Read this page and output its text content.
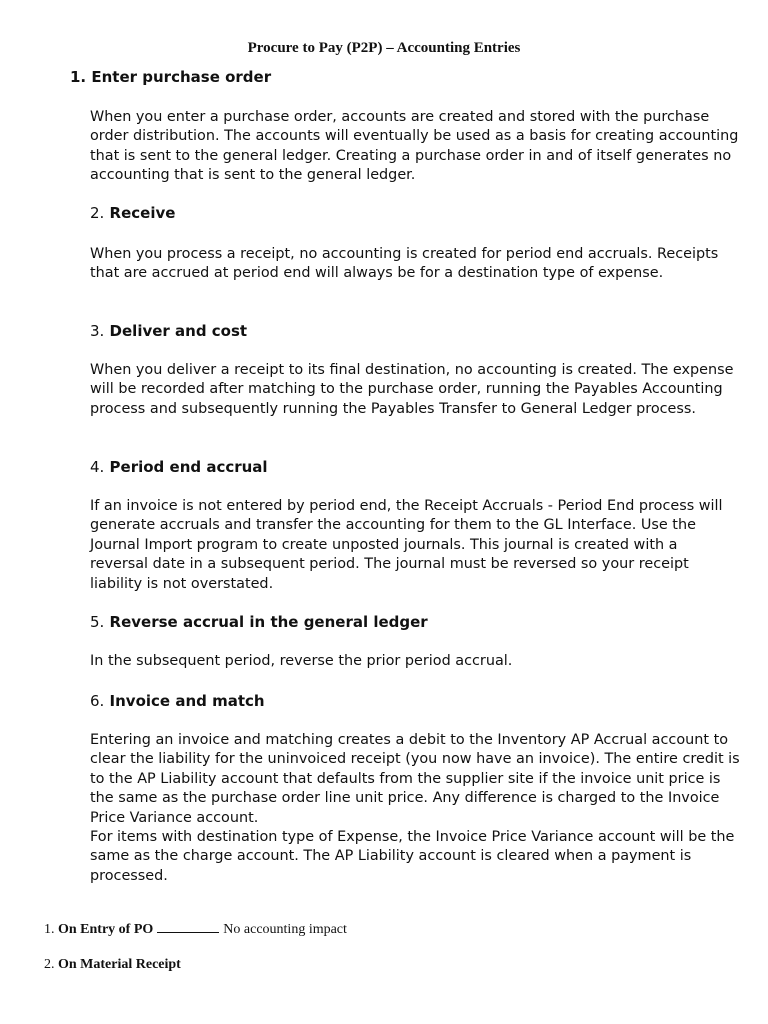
Procure to Pay (P2P) – Accounting Entries
1. Enter purchase order

When you enter a purchase order, accounts are created and stored with the purchase order distribution. The accounts will eventually be used as a basis for creating accounting that is sent to the general ledger. Creating a purchase order in and of itself generates no accounting that is sent to the general ledger.

2. Receive

When you process a receipt, no accounting is created for period end accruals. Receipts that are accrued at period end will always be for a destination type of expense.

3. Deliver and cost

When you deliver a receipt to its final destination, no accounting is created. The expense will be recorded after matching to the purchase order, running the Payables Accounting process and subsequently running the Payables Transfer to General Ledger process.

4. Period end accrual

If an invoice is not entered by period end, the Receipt Accruals - Period End process will generate accruals and transfer the accounting for them to the GL Interface. Use the Journal Import program to create unposted journals. This journal is created with a reversal date in a subsequent period. The journal must be reversed so your receipt liability is not overstated.

5. Reverse accrual in the general ledger

In the subsequent period, reverse the prior period accrual.

6. Invoice and match

Entering an invoice and matching creates a debit to the Inventory AP Accrual account to clear the liability for the uninvoiced receipt (you now have an invoice). The entire credit is to the AP Liability account that defaults from the supplier site if the invoice unit price is the same as the purchase order line unit price. Any difference is charged to the Invoice Price Variance account.

For items with destination type of Expense, the Invoice Price Variance account will be the same as the charge account. The AP Liability account is cleared when a payment is processed.

1. On Entry of PO	No accounting impact
2. On Material Receipt
